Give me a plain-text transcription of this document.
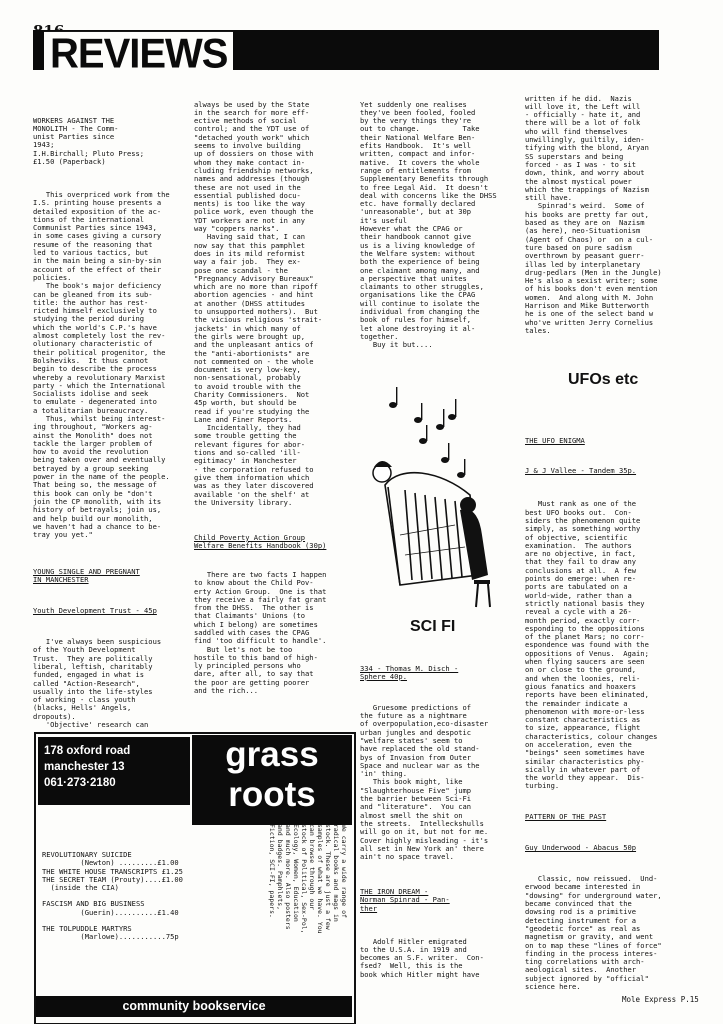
REVIEWS

WORKERS AGAINST THE
MONOLITH - The Comm-
unist Parties since
1943;
I.H.Birchall; Pluto Press;
£1.50 (Paperback)

This overpriced work from the
I.S. printing house presents a
detailed exposition of the ac-
tions of the international
Communist Parties since 1943,
in some cases giving a cursory
resume of the reasoning that
led to various tactics, but
in the main being a sin-by-sin
account of the effect of their
policies.
The book's major deficiency
can be gleaned from its sub-
title: the author has rest-
ricted himself exclusively to
studying the period during
which the world's C.P.'s have
almost completely lost the rev-
olutionary characteristic of
their political progenitor, the
Bolsheviks.  It thus cannot
begin to describe the process
whereby a revolutionary Marxist
party - which the International
Socialists idolise and seek
to emulate - degenerated into
a totalitarian bureaucracy.
Thus, whilst being interest-
ing throughout, "Workers ag-
ainst the Monolith" does not
tackle the larger problem of
how to avoid the revolution
being taken over and eventually
betrayed by a group seeking
power in the name of the people.
That being so, the message of
this book can only be "don't
join the CP monolith, with its
history of betrayals; join us,
and help build our monolith,
we haven't had a chance to be-
tray you yet."

YOUNG SINGLE AND PREGNANT
IN MANCHESTER

Youth Development Trust - 45p

I've always been suspicious
of the Youth Development
Trust.  They are politically
liberal, leftish, charitably
funded, engaged in what is
called "Action-Research",
usually into the life-styles
of working - class youth
(blacks, Hells' Angels,
dropouts).
'Objective' research can

always be used by the State
in the search for more eff-
ective methods of social
control; and the YDT use of
"detached youth work" which
seems to involve building
up of dossiers on those with
whom they make contact in-
cluding friendship networks,
names and addresses (though
these are not used in the
essential published docu-
ments) is too like the way
police work, even though the
YDT workers are not in any
way "coppers narks".
Having said that, I can
now say that this pamphlet
does in its mild reformist
way a fair job.  They ex-
pose one scandal - the
"Pregnancy Advisory Bureaux"
which are no more than ripoff
abortion agencies - and hint
at another (DHSS attitudes
to unsupported mothers).  But
the vicious religious 'strait-
jackets' in which many of
the girls were brought up,
and the unpleasant antics of
the "anti-abortionists" are
not commented on - the whole
document is very low-key,
non-sensational, probably
to avoid trouble with the
Charity Commissioners.  Not
45p worth, but should be
read if you're studying the
Lane and Finer Reports.
Incidentally, they had
some trouble getting the
relevant figures for abor-
tions and so-called 'ill-
egitimacy' in Manchester
- the corporation refused to
give them information which
was as they later discovered
available 'on the shelf' at
the University library.

Child Poverty Action Group
Welfare Benefits Handbook (30p)

There are two facts I happen
to know about the Child Pov-
erty Action Group.  One is that
they receive a fairly fat grant
from the DHSS.  The other is
that Claimants' Unions (to
which I belong) are sometimes
saddled with cases the CPAG
find 'too difficult to handle'.
But let's not be too
hostile to this band of high-
ly principled persons who
dare, after all, to say that
the poor are getting poorer
and the rich...

Yet suddenly one realises
they've been fooled, fooled
by the very things they're
out to change.          Take
their National Welfare Ben-
efits Handbook.  It's well
written, compact and infor-
mative.  It covers the whole
range of entitlements from
Supplementary Benefits through
to free Legal Aid.  It doesn't
deal with concerns like the DHSS
etc. have formally declared
'unreasonable', but at 30p
it's useful
However what the CPAG or
their handbook cannot give
us is a living knowledge of
the Welfare system: without
both the experience of being
one claimant among many, and
a perspective that unites
claimants to other struggles,
organisations like the CPAG
will continue to isolate the
individual from changing the
book of rules for himself,
let alone destroying it al-
together.
Buy it but....

SCI FI

334 - Thomas M. Disch -
Sphere 40p.

Gruesome predictions of
the future as a nightmare
of overpopulation,eco-disaster
urban jungles and despotic
"welfare states' seem to
have replaced the old stand-
bys of Invasion from Outer
Space and nuclear war as the
'in' thing.
This book might, like
"Slaughterhouse Five" jump
the barrier between Sci-Fi
and "literature".  You can
almost smell the shit on
the streets.  Intelleckshulls
will go on it, but not for me.
Cover highly misleading - it's
all set in New York an' there
ain't no space travel.

THE IRON DREAM -
Norman Spinrad - Pan-
ther

Adolf Hitler emigrated
to the U.S.A. in 1919 and
becomes an S.F. writer.  Con-
fsed?  Well, this is the
book which Hitler might have

written if he did.  Nazis
will love it, the Left will
- officially - hate it, and
there will be a lot of folk
who will find themselves
unwillingly, guiltily, iden-
tifying with the blond, Aryan
SS superstars and being
forced - as I was - to sit
down, think, and worry about
the almost mystical power
which the trappings of Nazism
still have.
Spinrad's weird.  Some of
his books are pretty far out,
based as they are on  Nazism
(as here), neo-Situationism
(Agent of Chaos) or  on a cul-
ture based on pure sadism
overthrown by peasant guerr-
illas led by interplanetary
drug-pedlars (Men in the Jungle)
He's also a sexist writer; some
of his books don't even mention
women.  And along with M. John
Harrison and Mike Butterworth
he is one of the select band w
who've written Jerry Cornelius
tales.

UFOs etc

THE UFO ENIGMA

J & J Vallee - Tandem 35p.

Must rank as one of the
best UFO books out.  Con-
siders the phenomenon quite
simply, as something worthy
of objective, scientific
examination.  The authors
are no objective, in fact,
that they fail to draw any
conclusions at all.  A few
points do emerge: when re-
ports are tabulated on a
world-wide, rather than a
strictly national basis they
reveal a cycle with a 26-
month period, exactly corr-
esponding to the oppositions
of the planet Mars; no corr-
espondence was found with the
oppositions of Venus.  Again;
when flying saucers are seen
on or close to the ground,
and when the loonies, reli-
gious fanatics and hoaxers
reports have been eliminated,
the remainder indicate a
phenomenon with more-or-less
constant characteristics as
to size, appearance, flight
characteristics, colour changes
on acceleration, even the
"beings" seen sometimes have
similar characteristics phy-
sically in whatever part of
the world they appear.  Dis-
turbing.

PATTERN OF THE PAST

Guy Underwood - Abacus 50p

Classic, now reissued.  Und-
erwood became interested in
"dowsing" for underground water,
became convinced that the
dowsing rod is a primitive
detecting instrument for a
"geodetic force" as real as
magnetism or gravity, and went
on to map these "lines of force"
finding in the process interes-
ting correlations with arch-
aeological sites.  Another
subject ignored by "official"
science here.

178 oxford road
manchester 13
061·273·2180
grass
roots
REVOLUTIONARY SUICIDE
(Newton) .........£1.00
THE WHITE HOUSE TRANSCRIPTS £1.25
THE SECRET TEAM (Prouty)....£1.00
(inside the CIA)
FASCISM AND BIG BUSINESS
(Guerin)..........£1.40
THE TOLPUDDLE MARTYRS
(Marlowe)...........75p
We carry a wide range of
radical books and mags in
stock. These are just a few
samples of what we have. You
can browse through our
stock of Political, Sex-Pol,
Ecology, Women, Education
and much more. Also posters
and badges. Pamphlets,
Fiction, SCI-FI, papers.
community bookservice	Mole Express P.15
